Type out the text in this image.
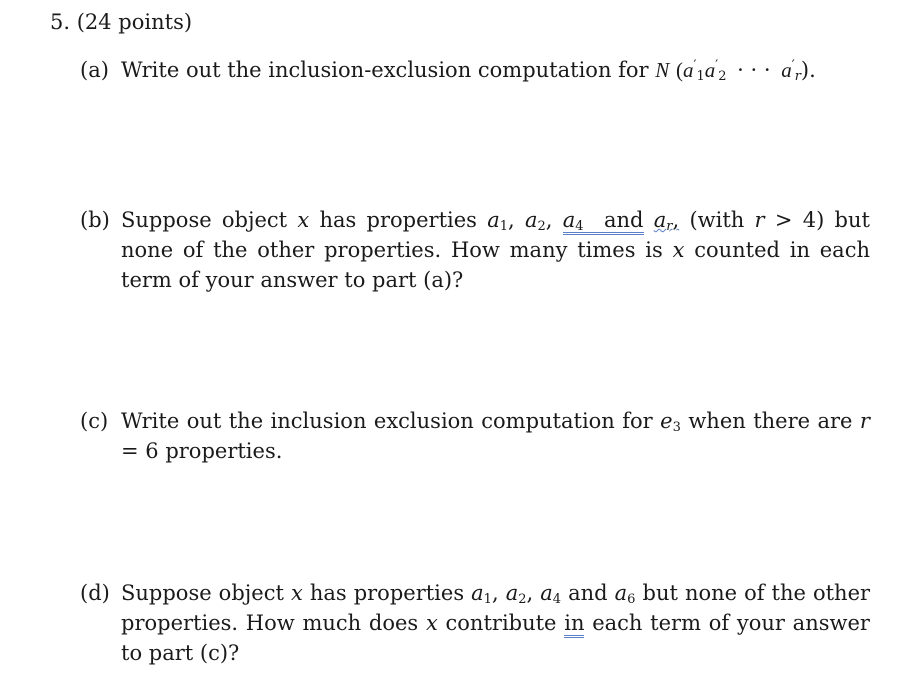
5. (24 points)
(a) Write out the inclusion-exclusion computation for N ($a'_1a'_2$ · · · $a'_r$).
(b) Suppose object x has properties $a_1$, $a_2$, $a_4$ and $a_r$, (with r > 4) but none of the other properties. How many times is x counted in each term of your answer to part (a)?
(c) Write out the inclusion exclusion computation for $e_3$ when there are r = 6 properties.
(d) Suppose object x has properties $a_1$, $a_2$, $a_4$ and $a_6$ but none of the other properties. How much does x contribute in each term of your answer to part (c)?
